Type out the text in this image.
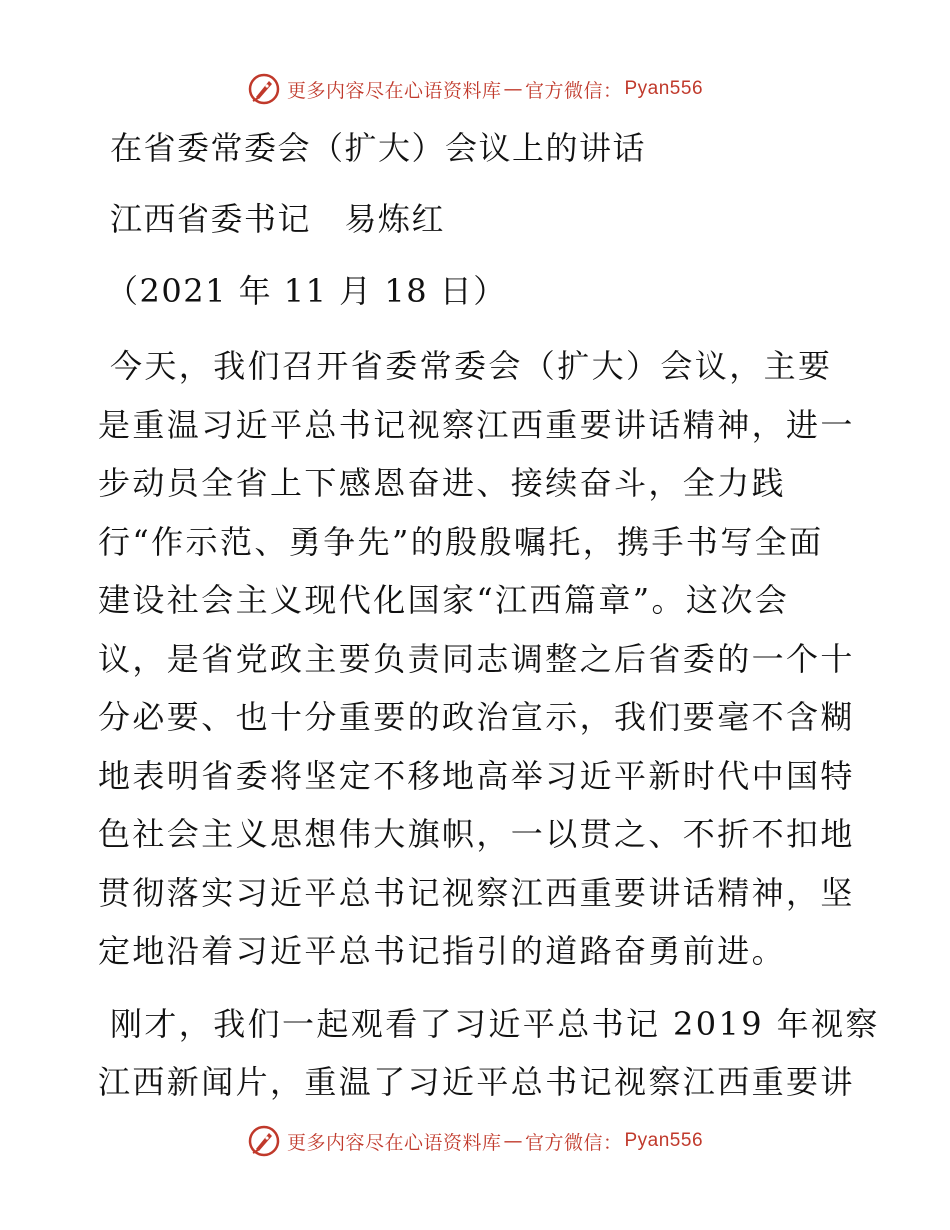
更多内容尽在心语资料库 — 官方微信： Pyan556

在省委常委会（扩大）会议上的讲话

江西省委书记　易炼红

（2021 年 11 月 18 日）

今天，我们召开省委常委会（扩大）会议，主要
是重温习近平总书记视察江西重要讲话精神，进一
步动员全省上下感恩奋进、接续奋斗，全力践
行“作示范、勇争先”的殷殷嘱托，携手书写全面
建设社会主义现代化国家“江西篇章”。这次会
议，是省党政主要负责同志调整之后省委的一个十
分必要、也十分重要的政治宣示，我们要毫不含糊
地表明省委将坚定不移地高举习近平新时代中国特
色社会主义思想伟大旗帜，一以贯之、不折不扣地
贯彻落实习近平总书记视察江西重要讲话精神，坚
定地沿着习近平总书记指引的道路奋勇前进。
刚才，我们一起观看了习近平总书记 2019 年视察
江西新闻片，重温了习近平总书记视察江西重要讲
更多内容尽在心语资料库 — 官方微信： Pyan556
